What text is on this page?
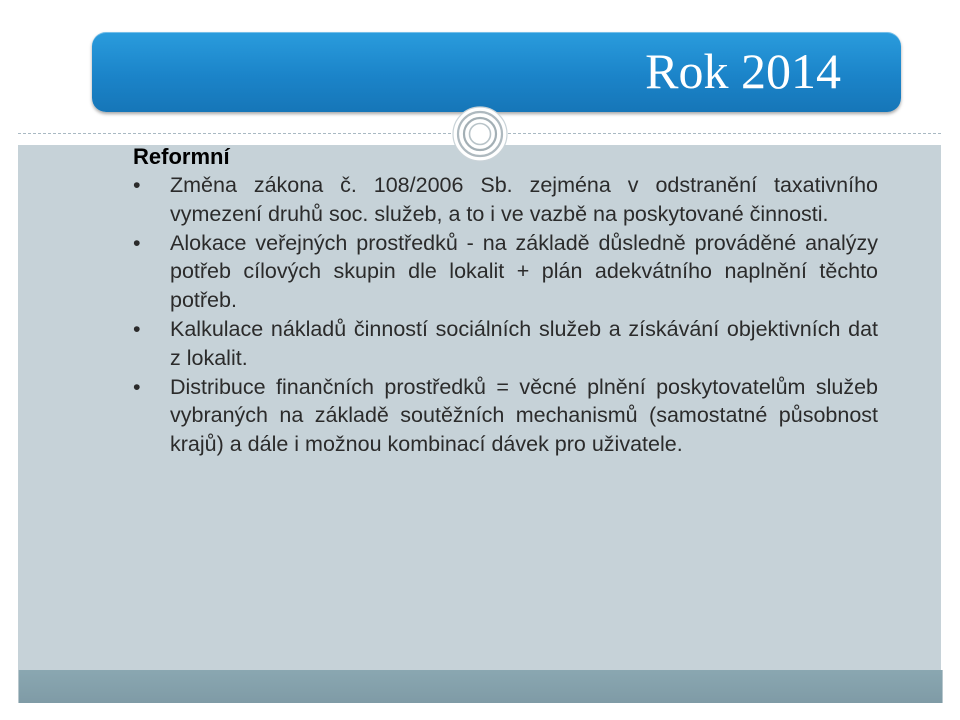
Rok 2014

Reformní

•	Změna zákona č. 108/2006 Sb. zejména v odstranění taxativního vymezení druhů soc. služeb, a to i ve vazbě na poskytované činnosti.
•	Alokace veřejných prostředků - na základě důsledně prováděné analýzy potřeb cílových skupin dle lokalit + plán adekvátního naplnění těchto potřeb.
•	Kalkulace nákladů činností sociálních služeb a získávání objektivních dat z lokalit.
•	Distribuce finančních prostředků = věcné plnění poskytovatelům služeb vybraných na základě soutěžních mechanismů (samostatné působnost krajů) a dále i možnou kombinací dávek pro uživatele.
